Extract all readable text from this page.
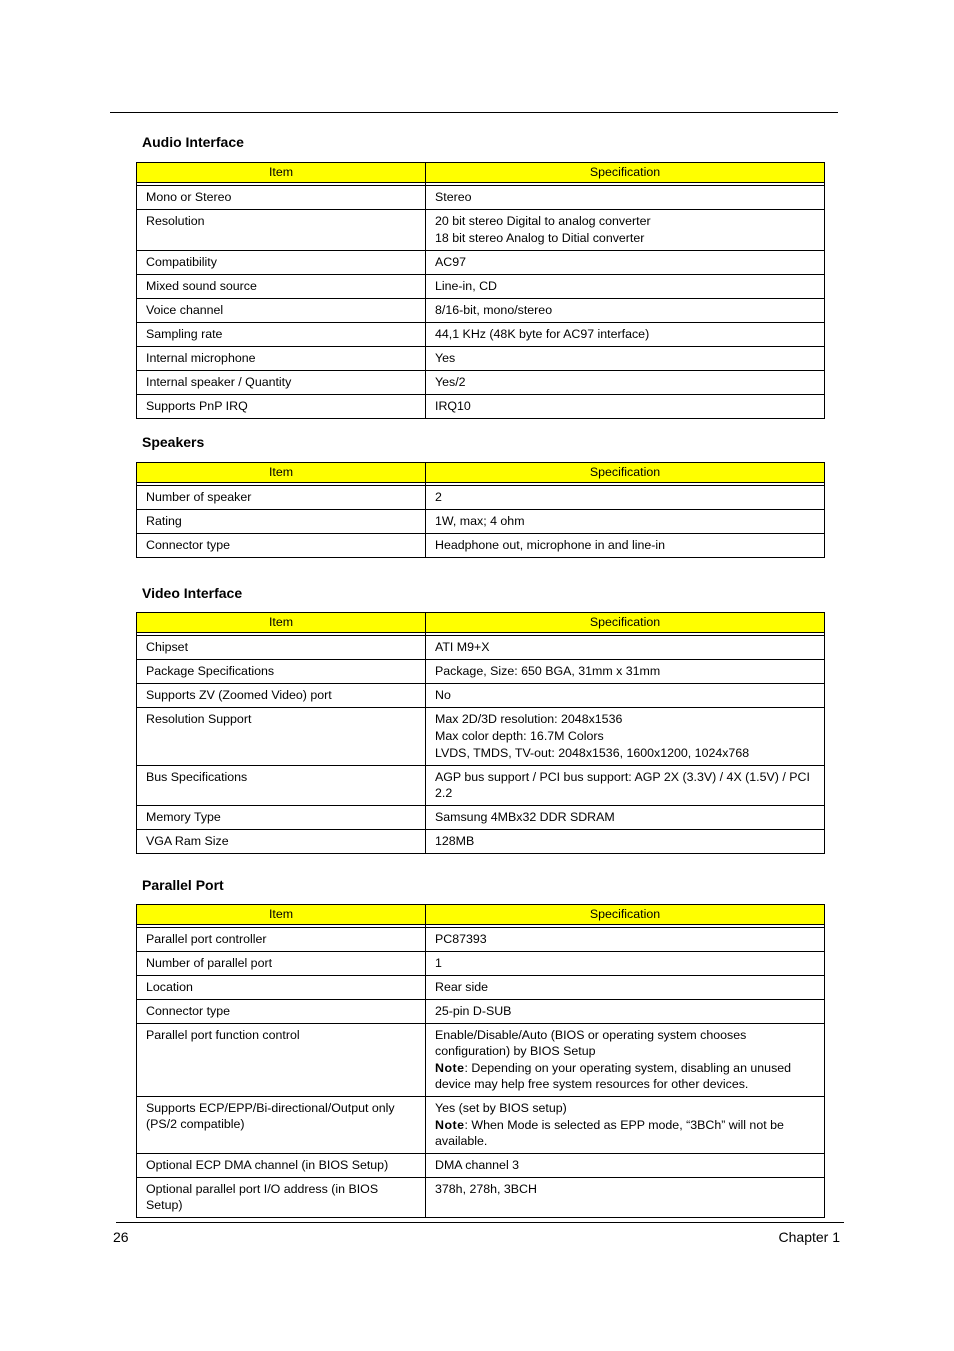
Audio Interface
Item	Specification

Mono or Stereo	Stereo

Resolution	20 bit stereo Digital to analog converter
18 bit stereo Analog to Ditial converter

Compatibility	AC97

Mixed sound source	Line-in, CD

Voice channel	8/16-bit, mono/stereo

Sampling rate	44,1 KHz (48K byte for AC97 interface)

Internal microphone	Yes

Internal speaker / Quantity	Yes/2

Supports PnP IRQ	IRQ10
Speakers
Item	Specification

Number of speaker	2

Rating	1W, max; 4 ohm

Connector type	Headphone out, microphone in and line-in
Video Interface
Item	Specification

Chipset	ATI M9+X

Package Specifications	Package, Size: 650 BGA, 31mm x 31mm

Supports ZV (Zoomed Video) port	No

Resolution Support	Max 2D/3D resolution: 2048x1536
Max color depth: 16.7M Colors
LVDS, TMDS, TV-out: 2048x1536, 1600x1200, 1024x768

Bus Specifications	AGP bus support / PCI bus support: AGP 2X (3.3V) / 4X (1.5V) / PCI 2.2

Memory Type	Samsung 4MBx32 DDR SDRAM

VGA Ram Size	128MB
Parallel Port
Item	Specification

Parallel port controller	PC87393

Number of parallel port	1

Location	Rear side

Connector type	25-pin D-SUB

Parallel port function control	Enable/Disable/Auto (BIOS or operating system chooses configuration) by BIOS Setup
Note: Depending on your operating system, disabling an unused device may help free system resources for other devices.

Supports ECP/EPP/Bi-directional/Output only (PS/2 compatible)	Yes (set by BIOS setup)
Note: When Mode is selected as EPP mode, “3BCh” will not be available.

Optional ECP DMA channel (in BIOS Setup)	DMA channel 3

Optional parallel port I/O address (in BIOS Setup)	378h, 278h, 3BCH
26	Chapter 1
